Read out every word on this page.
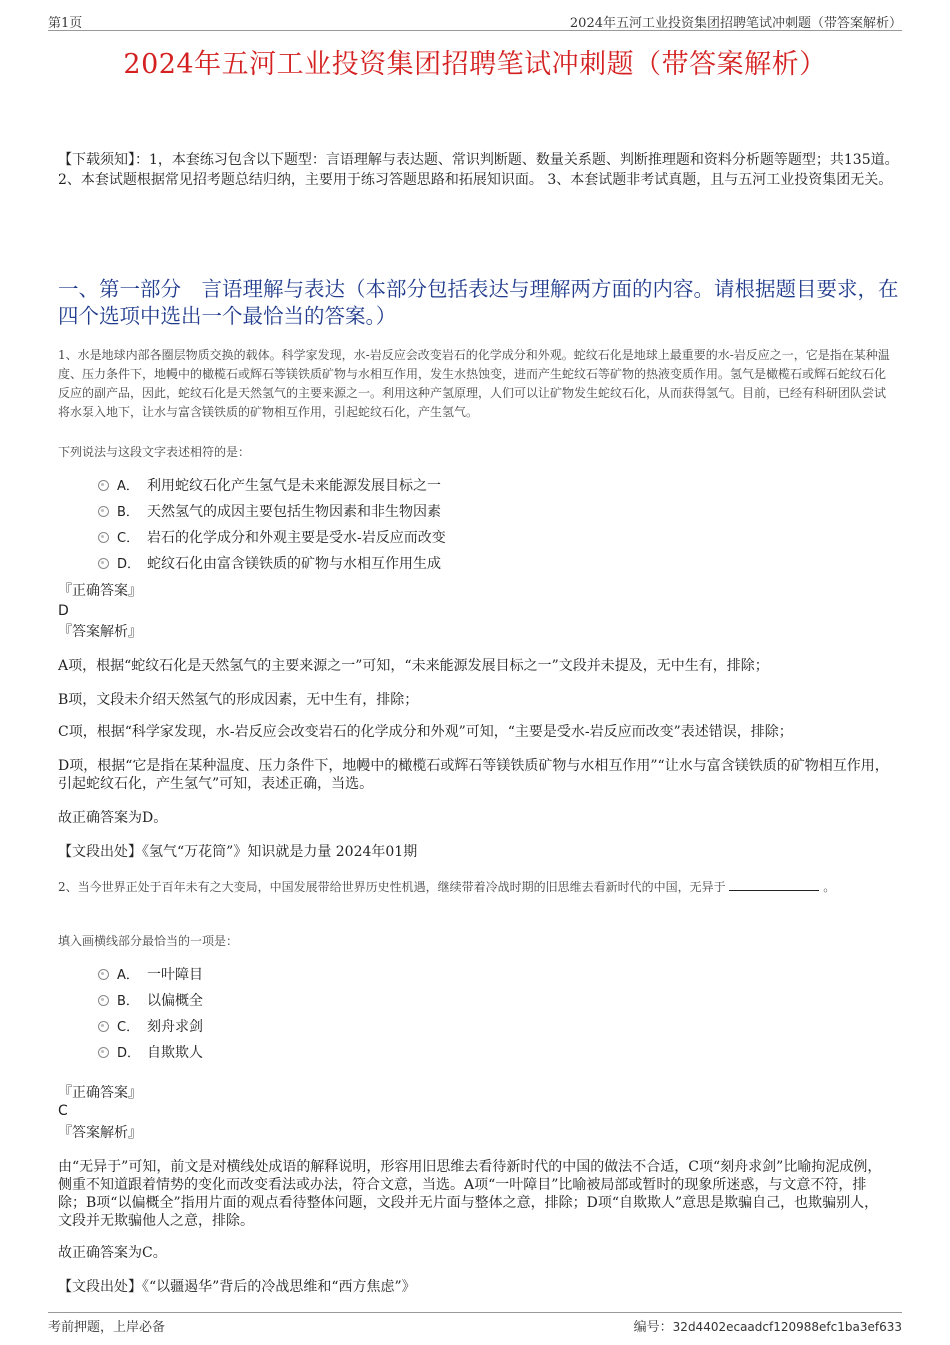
第1页	2024年五河工业投资集团招聘笔试冲刺题（带答案解析）
2024年五河工业投资集团招聘笔试冲刺题（带答案解析）
【下载须知】：1，本套练习包含以下题型：言语理解与表达题、常识判断题、数量关系题、判断推理题和资料分析题等题型；共135道。 2、本套试题根据常见招考题总结归纳，主要用于练习答题思路和拓展知识面。 3、本套试题非考试真题，且与五河工业投资集团无关。
一、第一部分　言语理解与表达（本部分包括表达与理解两方面的内容。请根据题目要求，在四个选项中选出一个最恰当的答案。）
1、水是地球内部各圈层物质交换的载体。科学家发现，水-岩反应会改变岩石的化学成分和外观。蛇纹石化是地球上最重要的水-岩反应之一，它是指在某种温度、压力条件下，地幔中的橄榄石或辉石等镁铁质矿物与水相互作用，发生水热蚀变，进而产生蛇纹石等矿物的热液变质作用。氢气是橄榄石或辉石蛇纹石化反应的副产品，因此，蛇纹石化是天然氢气的主要来源之一。利用这种产氢原理，人们可以让矿物发生蛇纹石化，从而获得氢气。目前，已经有科研团队尝试将水泵入地下，让水与富含镁铁质的矿物相互作用，引起蛇纹石化，产生氢气。
下列说法与这段文字表述相符的是：
A． 利用蛇纹石化产生氢气是未来能源发展目标之一
B． 天然氢气的成因主要包括生物因素和非生物因素
C． 岩石的化学成分和外观主要是受水-岩反应而改变
D． 蛇纹石化由富含镁铁质的矿物与水相互作用生成
『正确答案』
D
『答案解析』
A项，根据“蛇纹石化是天然氢气的主要来源之一”可知，“未来能源发展目标之一”文段并未提及，无中生有，排除；
B项，文段未介绍天然氢气的形成因素，无中生有，排除；
C项，根据“科学家发现，水-岩反应会改变岩石的化学成分和外观”可知，“主要是受水-岩反应而改变”表述错误，排除；
D项，根据“它是指在某种温度、压力条件下，地幔中的橄榄石或辉石等镁铁质矿物与水相互作用”“让水与富含镁铁质的矿物相互作用，引起蛇纹石化，产生氢气”可知，表述正确，当选。
故正确答案为D。
【文段出处】《氢气“万花筒”》知识就是力量 2024年01期
2、当今世界正处于百年未有之大变局，中国发展带给世界历史性机遇，继续带着冷战时期的旧思维去看新时代的中国，无异于	。
填入画横线部分最恰当的一项是：
A． 一叶障目
B． 以偏概全
C． 刻舟求剑
D． 自欺欺人
『正确答案』
C
『答案解析』
由“无异于”可知，前文是对横线处成语的解释说明，形容用旧思维去看待新时代的中国的做法不合适，C项“刻舟求剑”比喻拘泥成例，侧重不知道跟着情势的变化而改变看法或办法，符合文意，当选。A项“一叶障目”比喻被局部或暂时的现象所迷惑，与文意不符，排除；B项“以偏概全”指用片面的观点看待整体问题，文段并无片面与整体之意，排除；D项“自欺欺人”意思是欺骗自己，也欺骗别人，文段并无欺骗他人之意，排除。
故正确答案为C。
【文段出处】《“以疆遏华”背后的冷战思维和“西方焦虑”》
考前押题，上岸必备	编号：32d4402ecaadcf120988efc1ba3ef633
